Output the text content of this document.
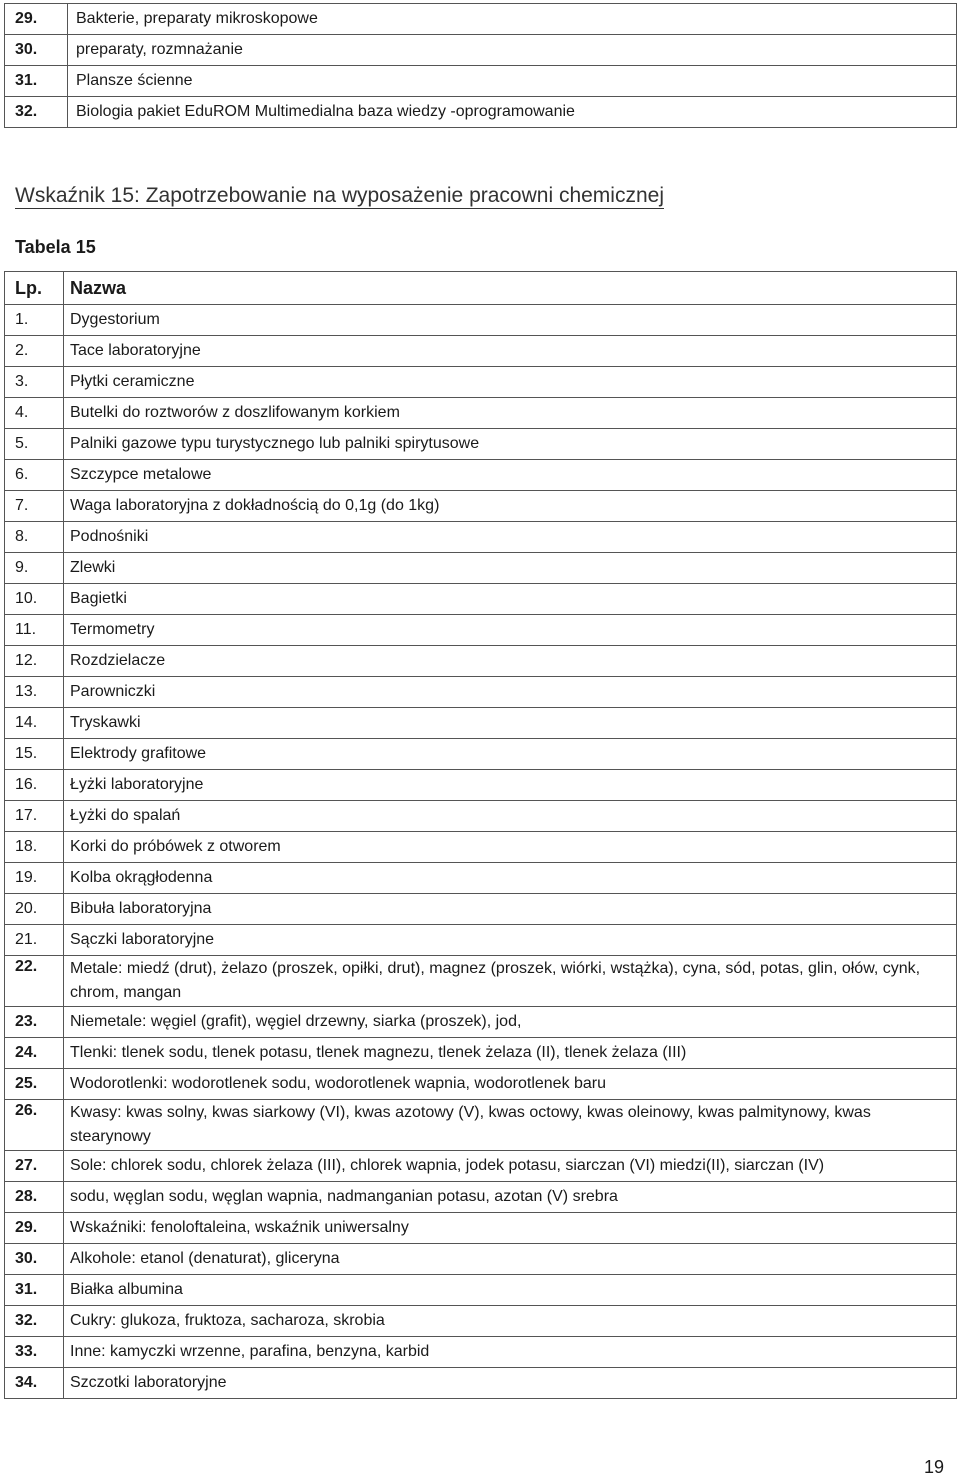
29.	Bakterie, preparaty mikroskopowe
30.	preparaty, rozmnażanie
31.	Plansze ścienne
32.	Biologia pakiet EduROM Multimedialna baza wiedzy -oprogramowanie
Wskaźnik 15: Zapotrzebowanie na wyposażenie pracowni chemicznej
Tabela 15
Lp.	Nazwa
1.	Dygestorium
2.	Tace laboratoryjne
3.	Płytki ceramiczne
4.	Butelki do roztworów z doszlifowanym korkiem
5.	Palniki gazowe typu turystycznego lub palniki spirytusowe
6.	Szczypce metalowe
7.	Waga laboratoryjna z dokładnością do 0,1g (do 1kg)
8.	Podnośniki
9.	Zlewki
10.	Bagietki
11.	Termometry
12.	Rozdzielacze
13.	Parowniczki
14.	Tryskawki
15.	Elektrody grafitowe
16.	Łyżki laboratoryjne
17.	Łyżki do spalań
18.	Korki do próbówek z otworem
19.	Kolba okrągłodenna
20.	Bibuła laboratoryjna
21.	Sączki laboratoryjne
22.	Metale: miedź (drut), żelazo (proszek, opiłki, drut), magnez (proszek, wiórki, wstążka), cyna, sód, potas, glin, ołów, cynk, chrom, mangan
23.	Niemetale: węgiel (grafit), węgiel drzewny, siarka (proszek), jod,
24.	Tlenki: tlenek sodu, tlenek potasu, tlenek magnezu, tlenek żelaza (II), tlenek żelaza (III)
25.	Wodorotlenki: wodorotlenek sodu, wodorotlenek wapnia, wodorotlenek baru
26.	Kwasy: kwas solny, kwas siarkowy (VI), kwas azotowy (V), kwas octowy, kwas oleinowy, kwas palmitynowy, kwas stearynowy
27.	Sole: chlorek sodu, chlorek żelaza (III), chlorek wapnia, jodek potasu, siarczan (VI) miedzi(II), siarczan (IV)
28.	sodu, węglan sodu, węglan wapnia, nadmanganian potasu, azotan (V) srebra
29.	Wskaźniki: fenoloftaleina, wskaźnik uniwersalny
30.	Alkohole: etanol (denaturat), gliceryna
31.	Białka albumina
32.	Cukry: glukoza, fruktoza, sacharoza, skrobia
33.	Inne: kamyczki wrzenne, parafina, benzyna, karbid
34.	Szczotki laboratoryjne
19
